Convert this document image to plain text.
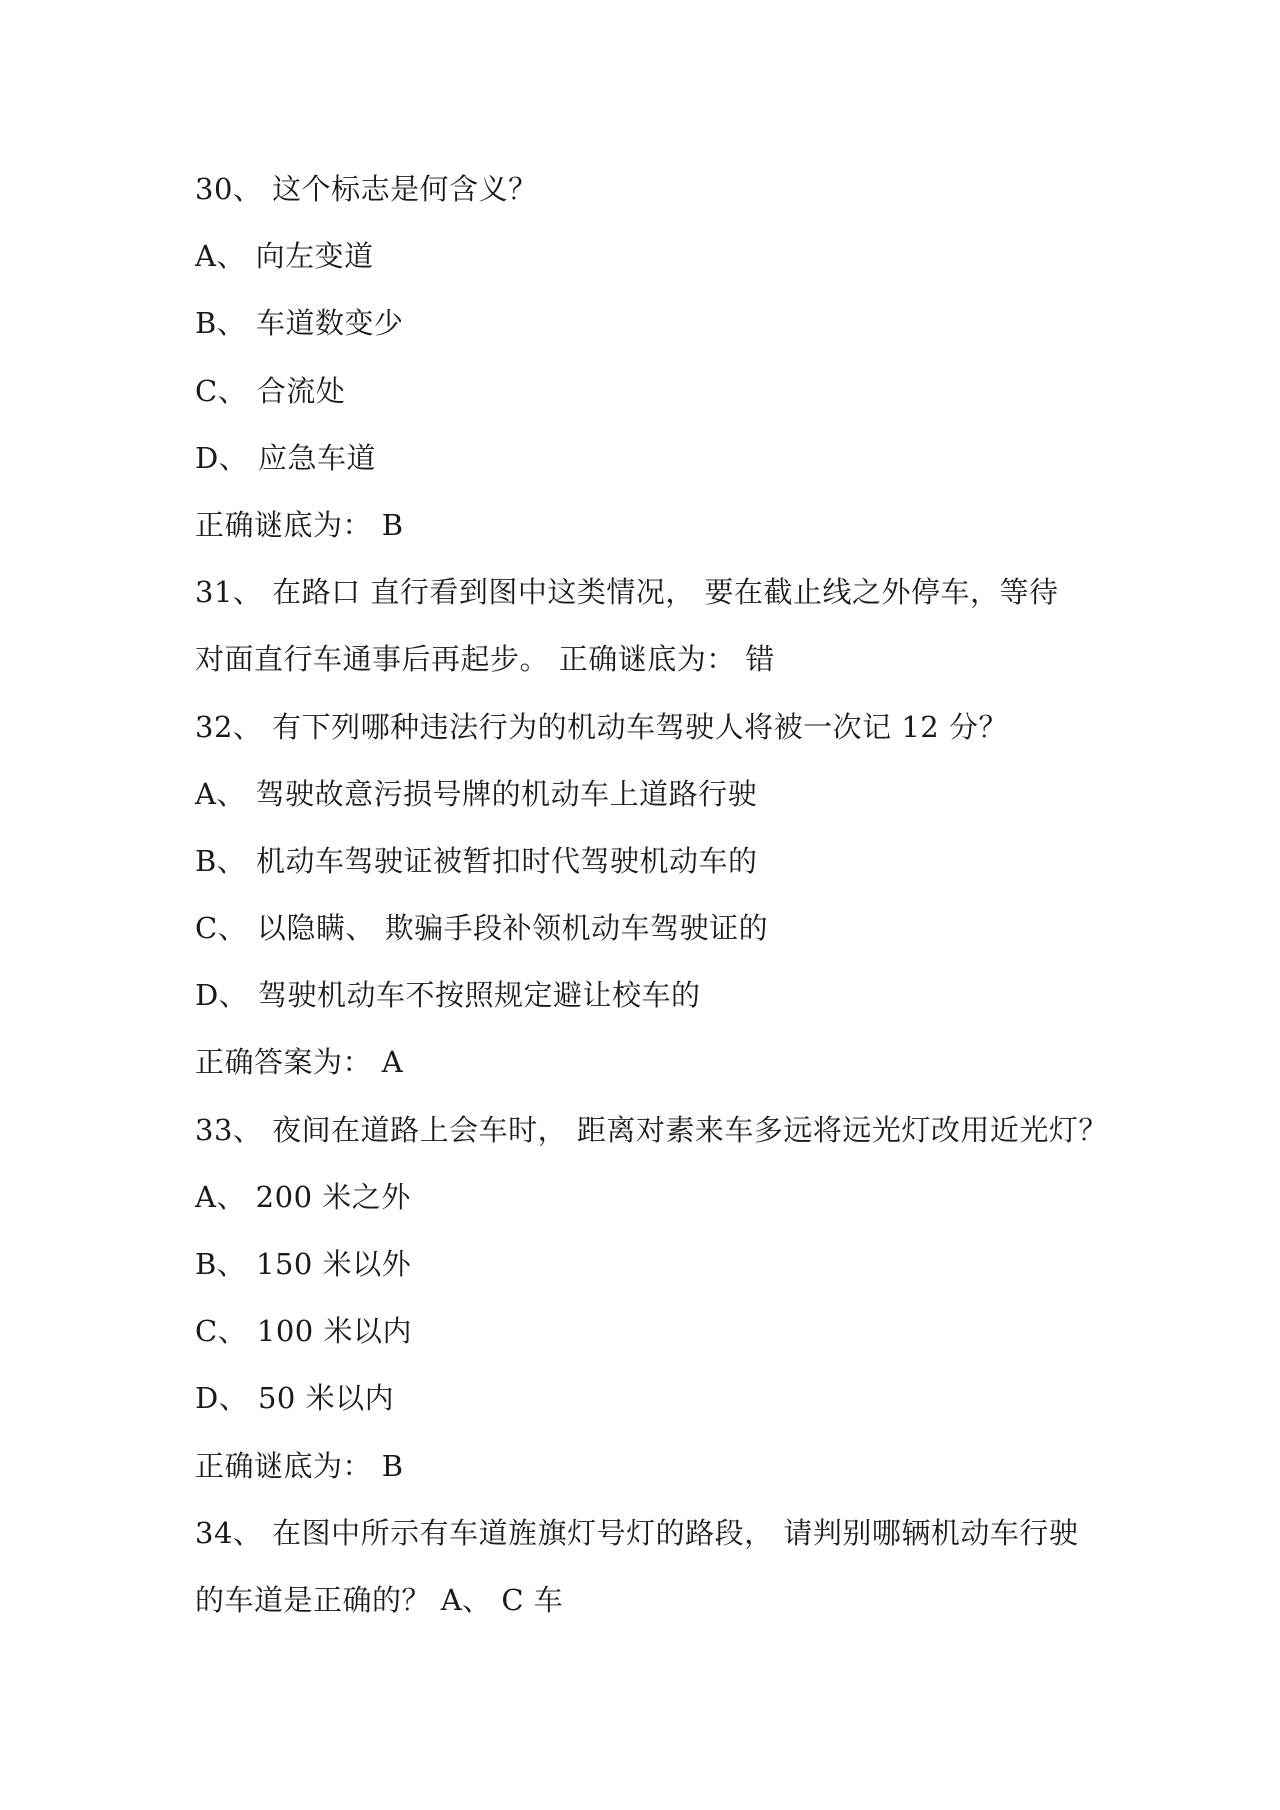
30、 这个标志是何含义？
A、 向左变道
B、 车道数变少
C、 合流处
D、 应急车道
正确谜底为： B
31、 在路口 直行看到图中这类情况， 要在截止线之外停车，等待
对面直行车通事后再起步。 正确谜底为： 错
32、 有下列哪种违法行为的机动车驾驶人将被一次记 12 分？
A、 驾驶故意污损号牌的机动车上道路行驶
B、 机动车驾驶证被暂扣时代驾驶机动车的
C、 以隐瞒、 欺骗手段补领机动车驾驶证的
D、 驾驶机动车不按照规定避让校车的
正确答案为： A
33、 夜间在道路上会车时， 距离对素来车多远将远光灯改用近光灯？
A、 200 米之外
B、 150 米以外
C、 100 米以内
D、 50 米以内
正确谜底为： B
34、 在图中所示有车道旌旗灯号灯的路段， 请判别哪辆机动车行驶
的车道是正确的？ A、 C 车
